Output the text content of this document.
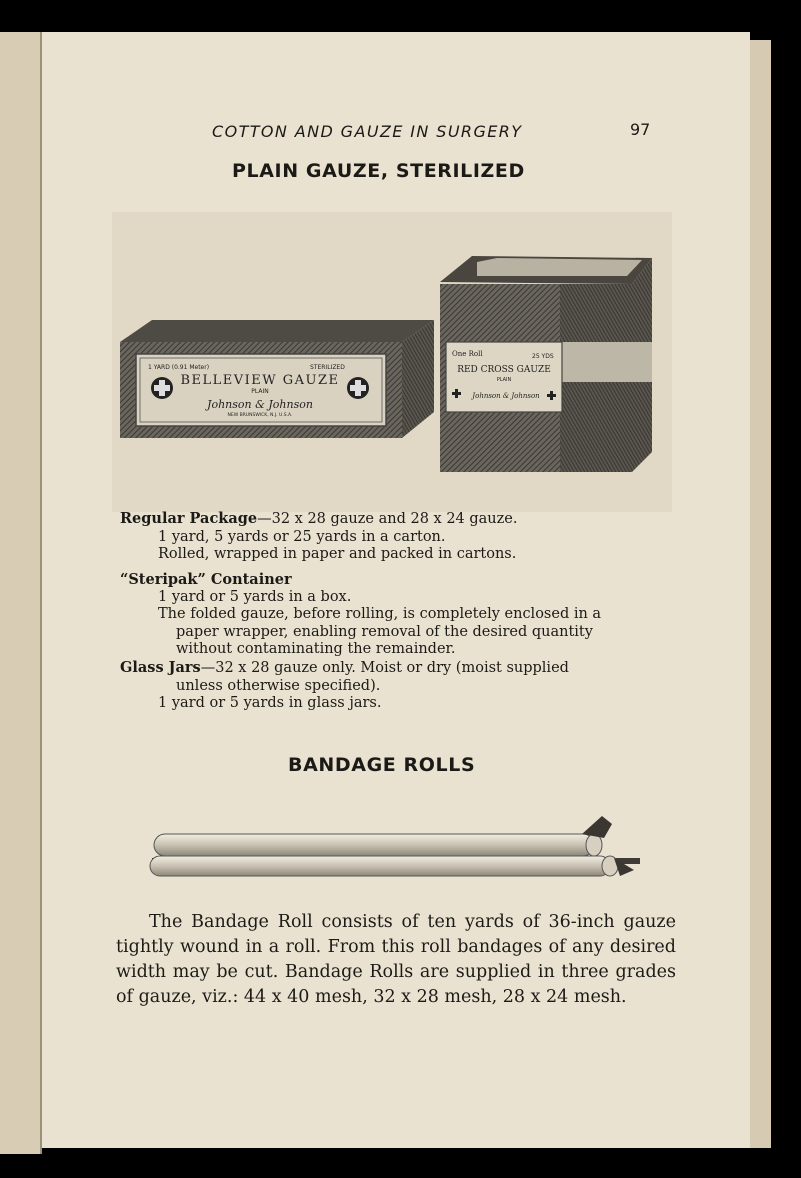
COTTON AND GAUZE IN SURGERY	97
PLAIN GAUZE, STERILIZED
1 YARD (0.91 Meter)	STERILIZED
BELLEVIEW GAUZE
PLAIN
Johnson & Johnson
NEW BRUNSWICK, N.J. U.S.A.
One Roll	25 YDS
RED CROSS GAUZE
PLAIN
Johnson & Johnson
Regular Package—32 x 28 gauze and 28 x 24 gauze.
1 yard, 5 yards or 25 yards in a carton.
Rolled, wrapped in paper and packed in cartons.
“Steripak” Container
1 yard or 5 yards in a box.
The folded gauze, before rolling, is completely enclosed in a
paper wrapper, enabling removal of the desired quantity
without contaminating the remainder.
Glass Jars—32 x 28 gauze only. Moist or dry (moist supplied
unless otherwise specified).
1 yard or 5 yards in glass jars.
BANDAGE ROLLS

The Bandage Roll consists of ten yards of 36-inch gauze tightly wound in a roll. From this roll bandages of any desired width may be cut. Bandage Rolls are supplied in three grades of gauze, viz.: 44 x 40 mesh, 32 x 28 mesh, 28 x 24 mesh.
